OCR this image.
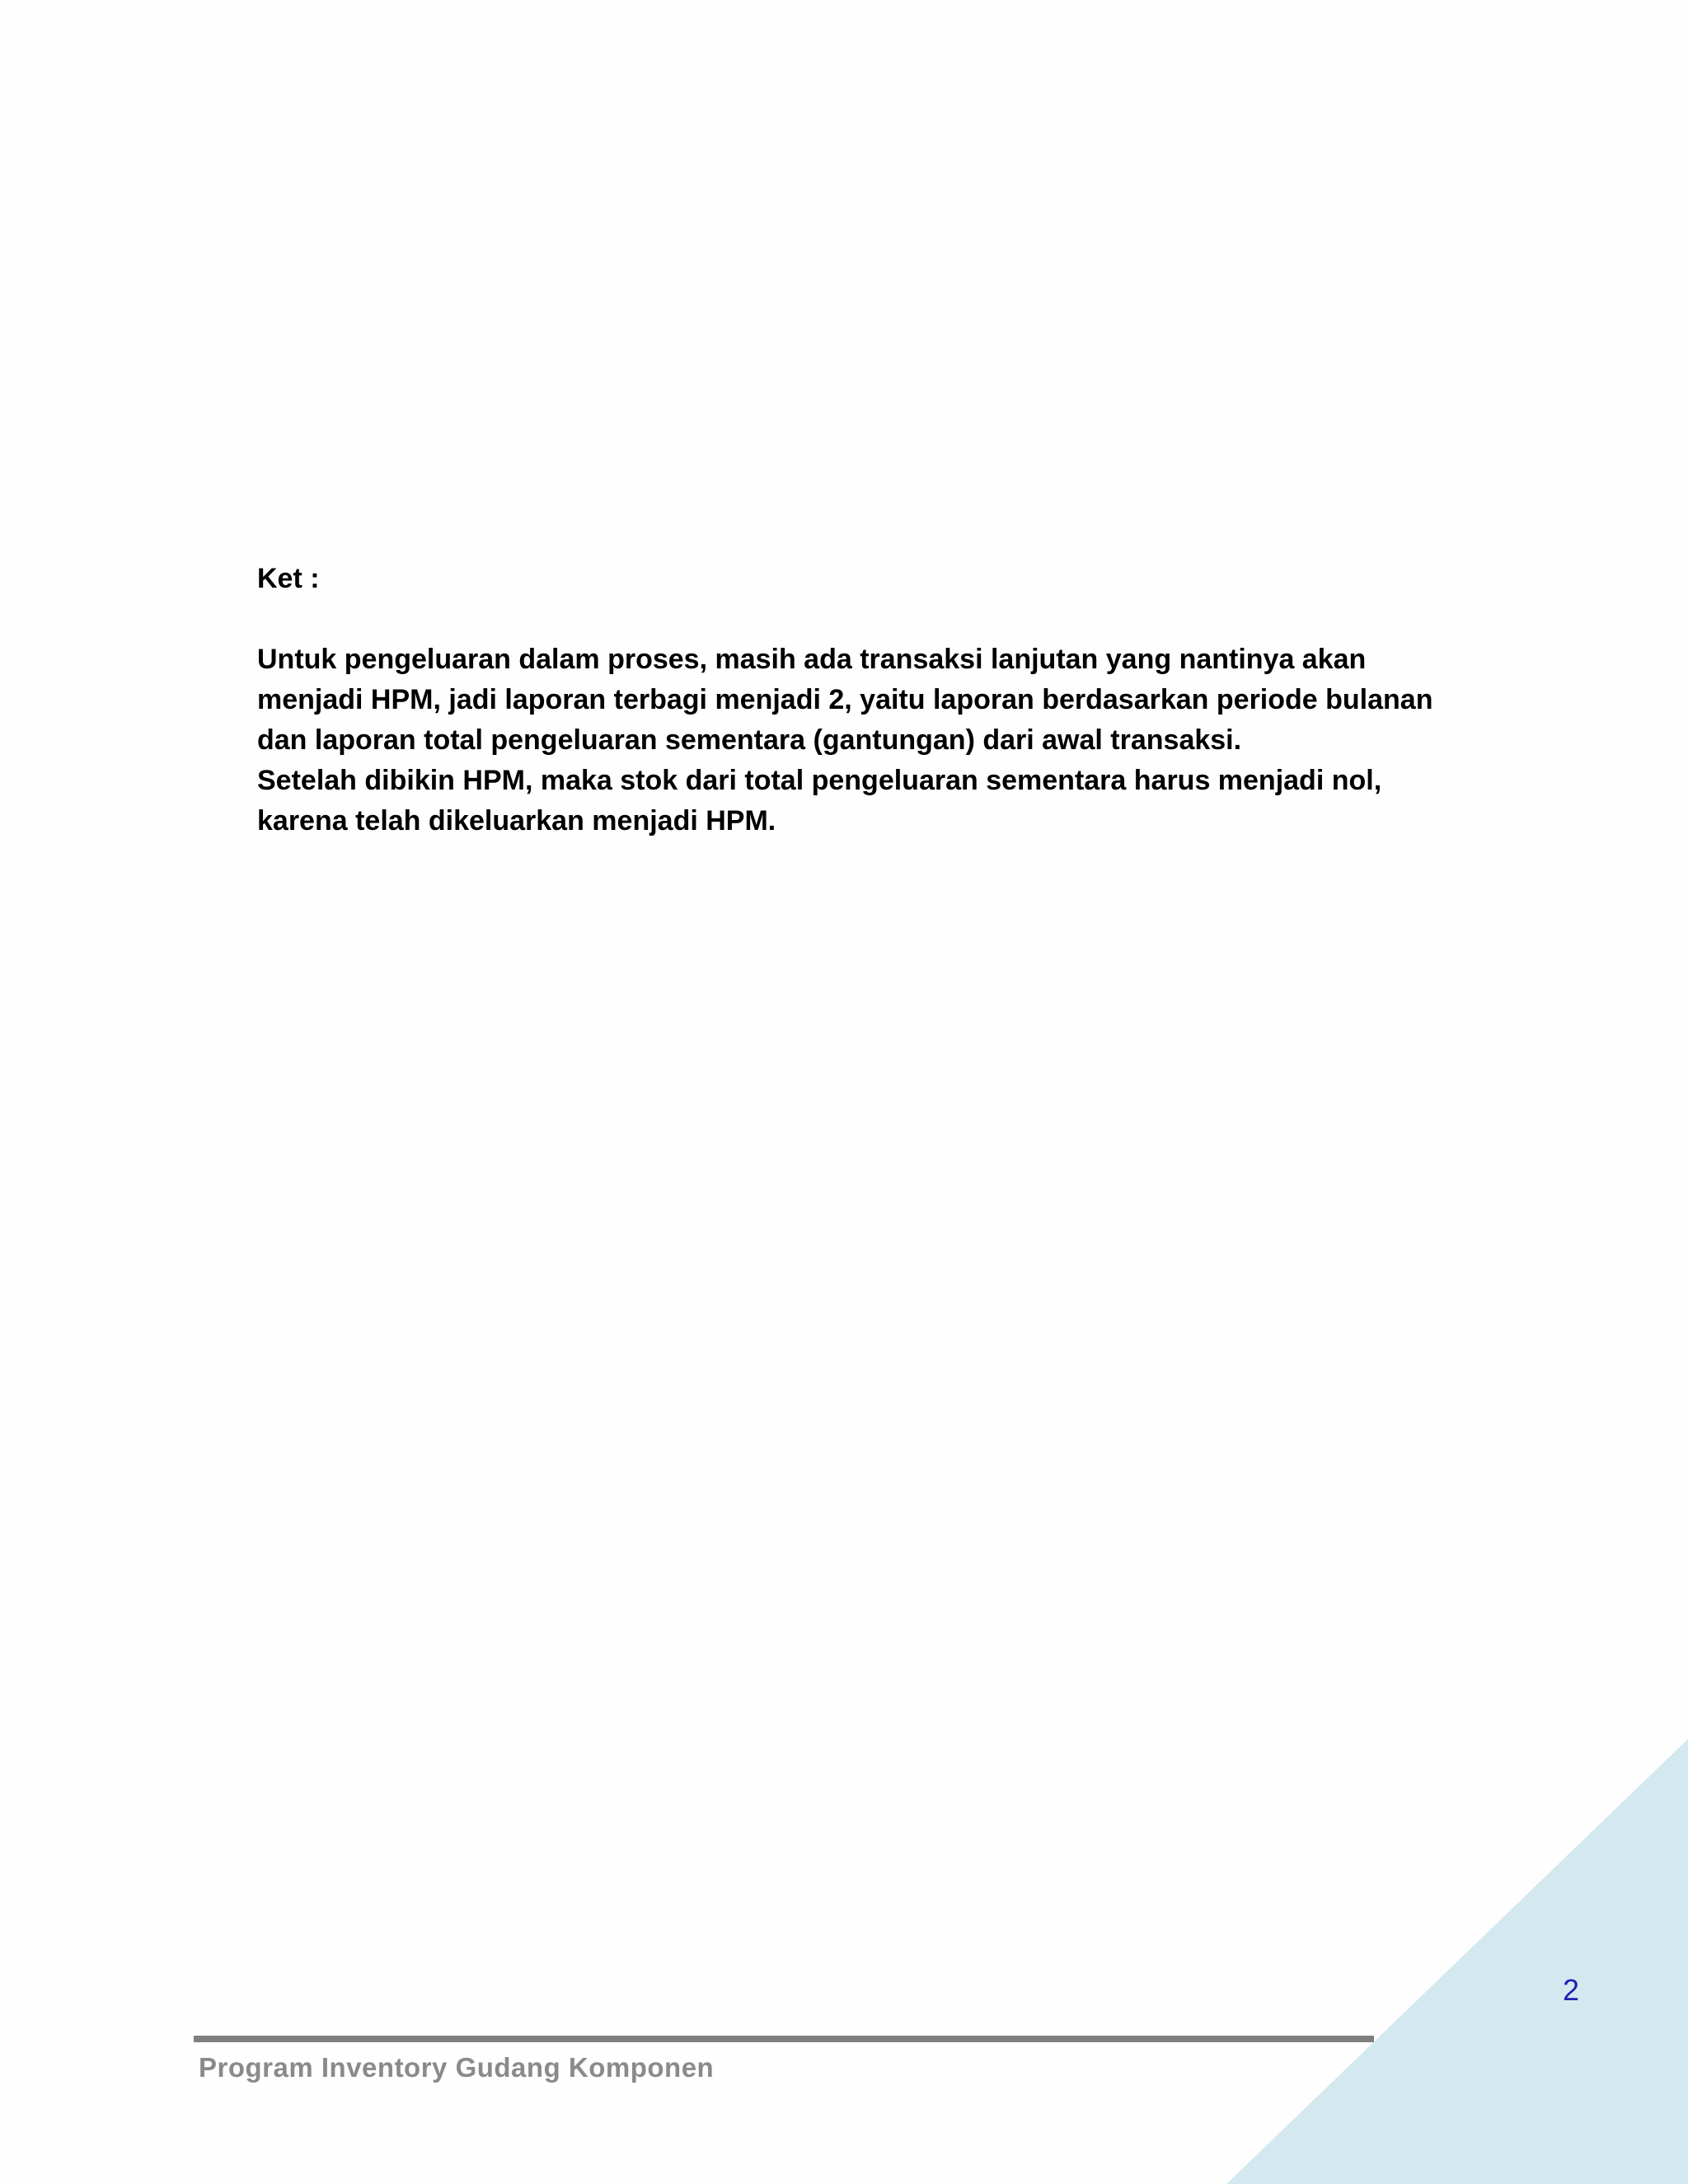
Ket :

Untuk pengeluaran dalam proses, masih ada transaksi lanjutan yang nantinya akan
menjadi HPM, jadi laporan terbagi menjadi 2, yaitu laporan berdasarkan periode bulanan
dan laporan total pengeluaran sementara (gantungan) dari awal transaksi.

Setelah dibikin HPM, maka stok dari total pengeluaran sementara harus menjadi nol,
karena telah dikeluarkan menjadi HPM.

2
Program Inventory Gudang Komponen
